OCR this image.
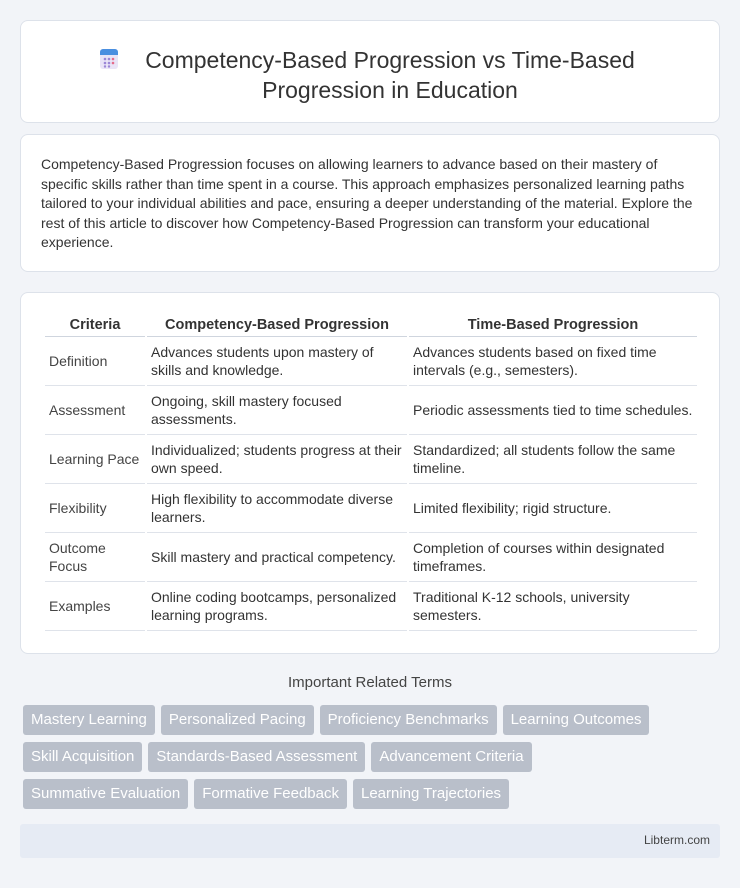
Competency-Based Progression vs Time-Based Progression in Education

Competency-Based Progression focuses on allowing learners to advance based on their mastery of specific skills rather than time spent in a course. This approach emphasizes personalized learning paths tailored to your individual abilities and pace, ensuring a deeper understanding of the material. Explore the rest of this article to discover how Competency-Based Progression can transform your educational experience.

Criteria	Competency-Based Progression	Time-Based Progression
Definition	Advances students upon mastery of skills and knowledge.	Advances students based on fixed time intervals (e.g., semesters).
Assessment	Ongoing, skill mastery focused assessments.	Periodic assessments tied to time schedules.
Learning Pace	Individualized; students progress at their own speed.	Standardized; all students follow the same timeline.
Flexibility	High flexibility to accommodate diverse learners.	Limited flexibility; rigid structure.
Outcome Focus	Skill mastery and practical competency.	Completion of courses within designated timeframes.
Examples	Online coding bootcamps, personalized learning programs.	Traditional K-12 schools, university semesters.
Important Related Terms
Mastery Learning	Personalized Pacing	Proficiency Benchmarks	Learning Outcomes
Skill Acquisition	Standards-Based Assessment	Advancement Criteria
Summative Evaluation	Formative Feedback	Learning Trajectories
Libterm.com
